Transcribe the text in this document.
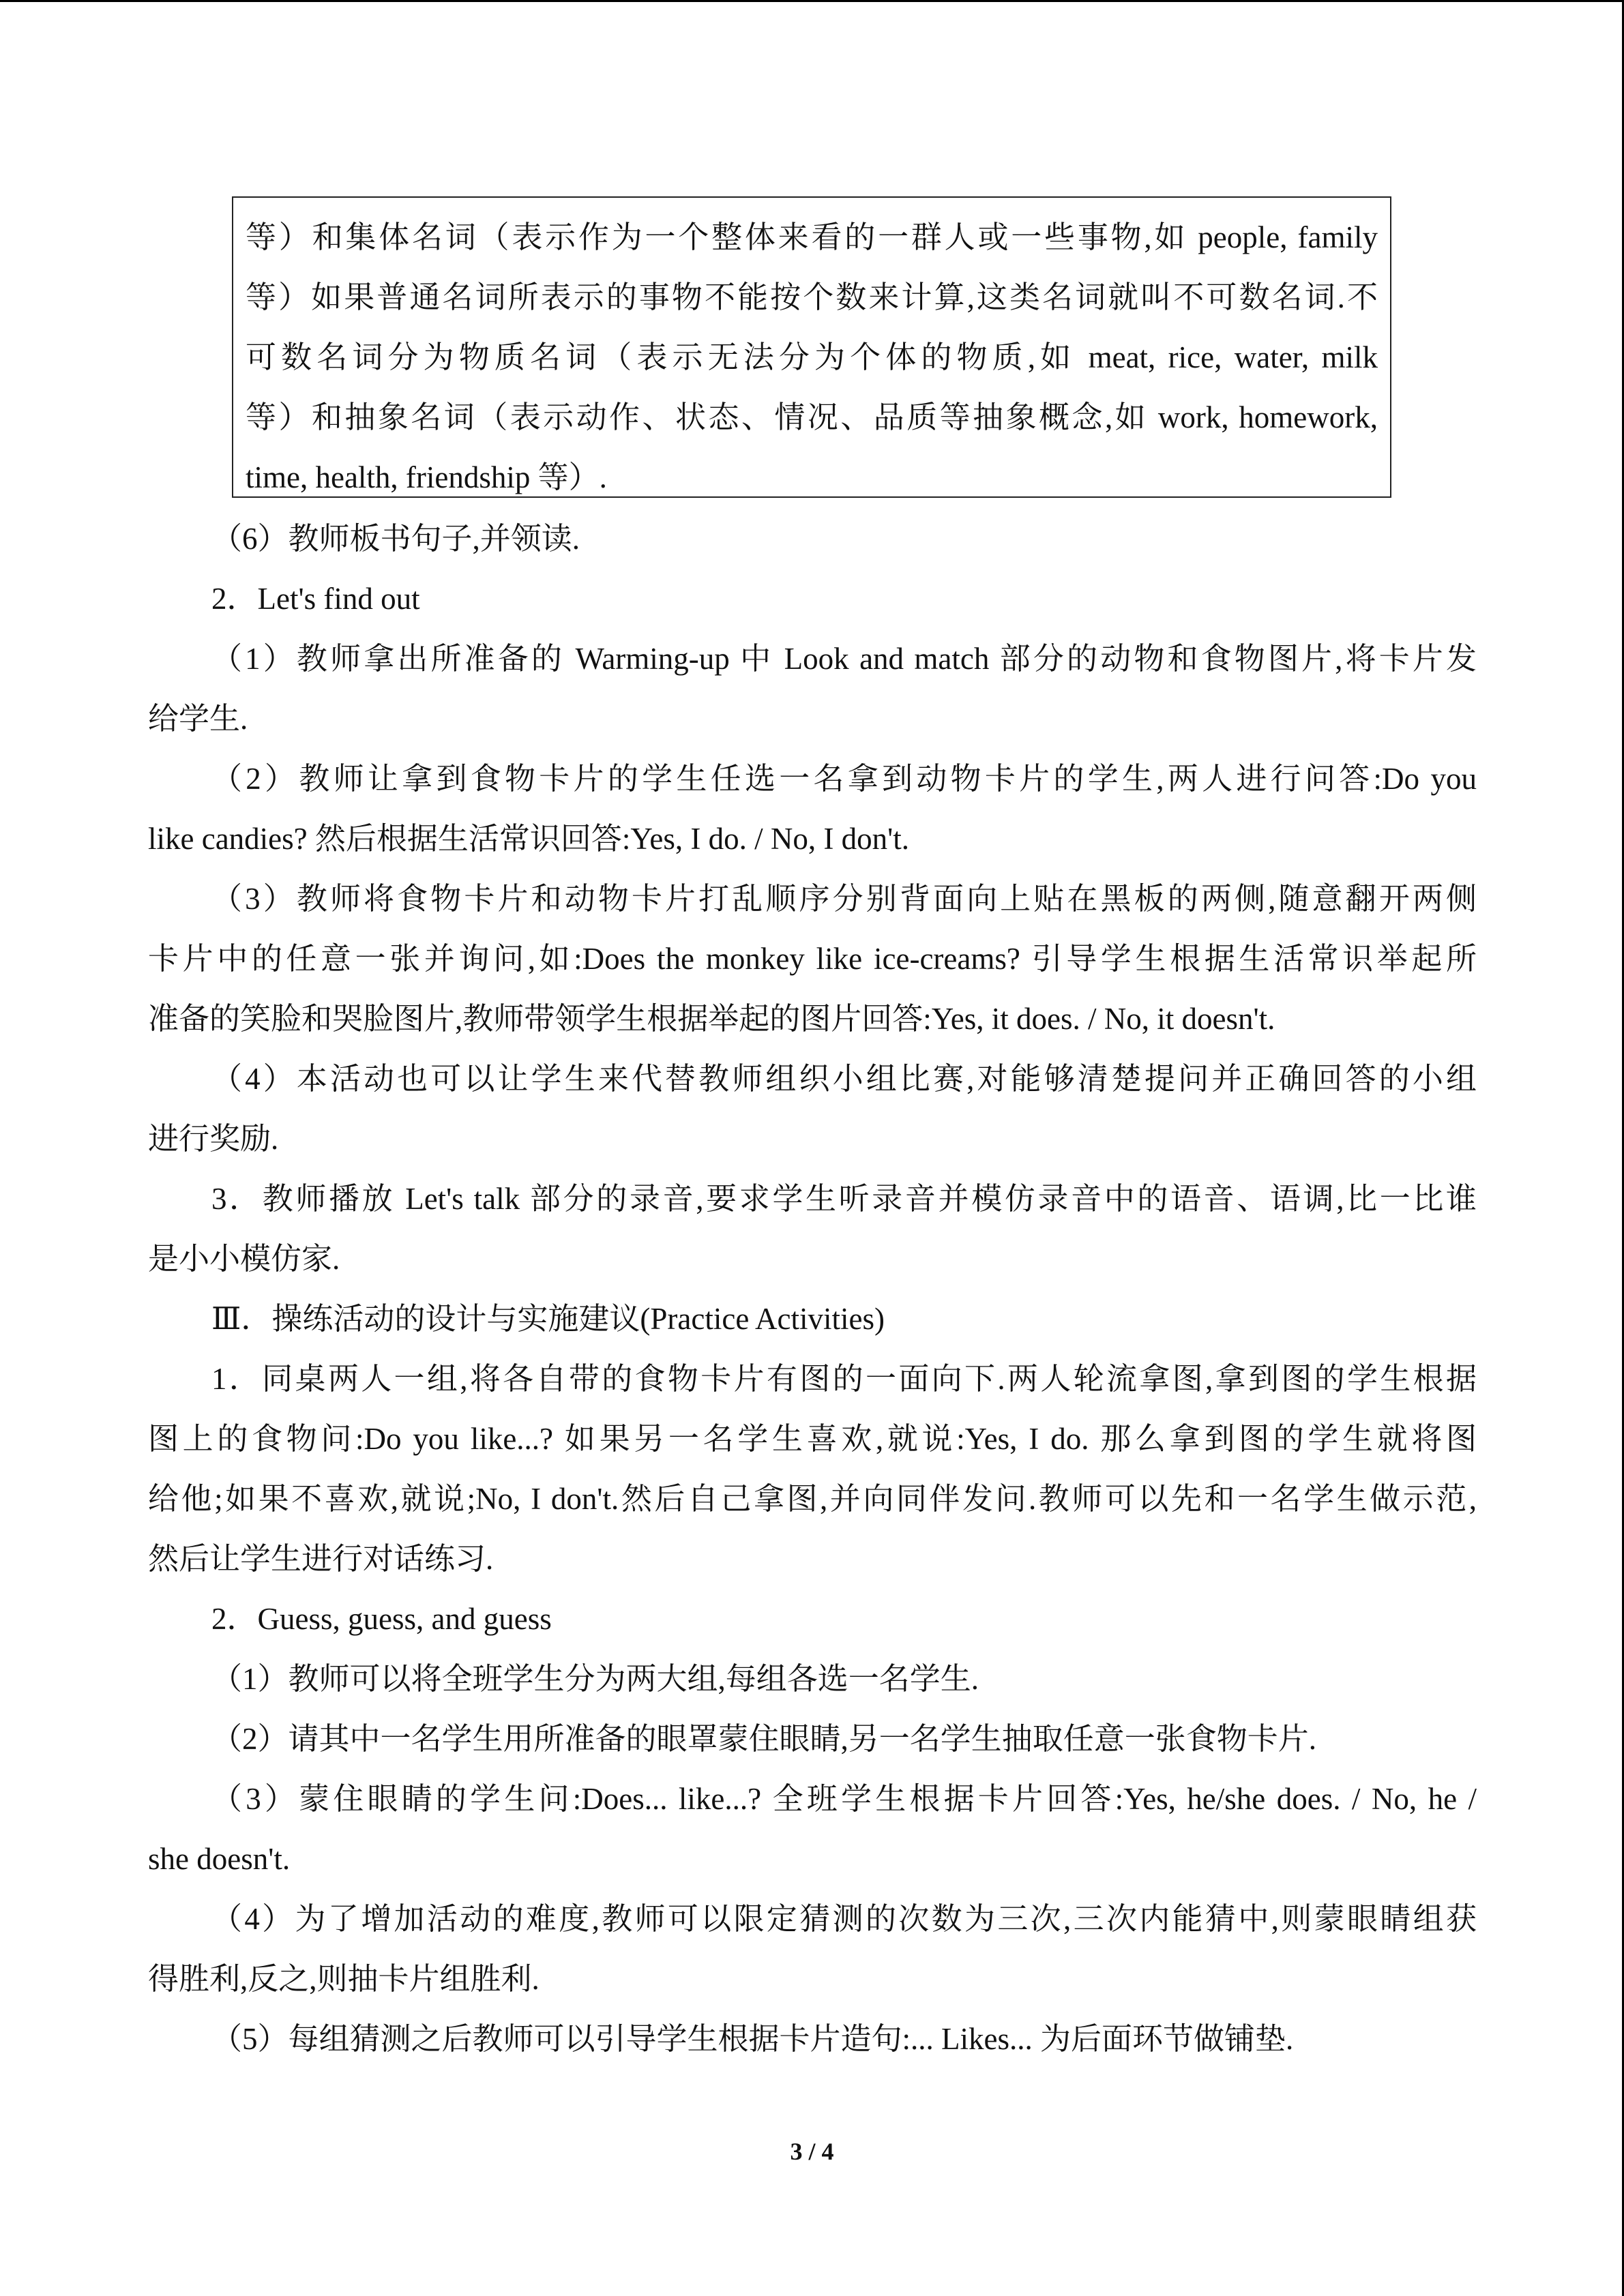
等）和集体名词（表示作为一个整体来看的一群人或一些事物,如 people, family
等）如果普通名词所表示的事物不能按个数来计算,这类名词就叫不可数名词.不
可数名词分为物质名词（表示无法分为个体的物质,如 meat, rice, water, milk
等）和抽象名词（表示动作、状态、情况、品质等抽象概念,如 work, homework,
time, health, friendship 等）.
（6）教师板书句子,并领读.
2．Let's find out
（1）教师拿出所准备的 Warming-up 中 Look and match 部分的动物和食物图片,将卡片发
给学生.
（2）教师让拿到食物卡片的学生任选一名拿到动物卡片的学生,两人进行问答:Do you
like candies? 然后根据生活常识回答:Yes, I do. / No, I don't.
（3）教师将食物卡片和动物卡片打乱顺序分别背面向上贴在黑板的两侧,随意翻开两侧
卡片中的任意一张并询问,如:Does the monkey like ice-creams? 引导学生根据生活常识举起所
准备的笑脸和哭脸图片,教师带领学生根据举起的图片回答:Yes, it does. / No, it doesn't.
（4）本活动也可以让学生来代替教师组织小组比赛,对能够清楚提问并正确回答的小组
进行奖励.
3．教师播放 Let's talk 部分的录音,要求学生听录音并模仿录音中的语音、语调,比一比谁
是小小模仿家.
Ⅲ．操练活动的设计与实施建议(Practice Activities)
1．同桌两人一组,将各自带的食物卡片有图的一面向下.两人轮流拿图,拿到图的学生根据
图上的食物问:Do you like...? 如果另一名学生喜欢,就说:Yes, I do. 那么拿到图的学生就将图
给他;如果不喜欢,就说;No, I don't.然后自己拿图,并向同伴发问.教师可以先和一名学生做示范,
然后让学生进行对话练习.
2．Guess, guess, and guess
（1）教师可以将全班学生分为两大组,每组各选一名学生.
（2）请其中一名学生用所准备的眼罩蒙住眼睛,另一名学生抽取任意一张食物卡片.
（3）蒙住眼睛的学生问:Does... like...? 全班学生根据卡片回答:Yes, he/she does. / No, he /
she doesn't.
（4）为了增加活动的难度,教师可以限定猜测的次数为三次,三次内能猜中,则蒙眼睛组获
得胜利,反之,则抽卡片组胜利.
（5）每组猜测之后教师可以引导学生根据卡片造句:... Likes... 为后面环节做铺垫.
3 / 4
